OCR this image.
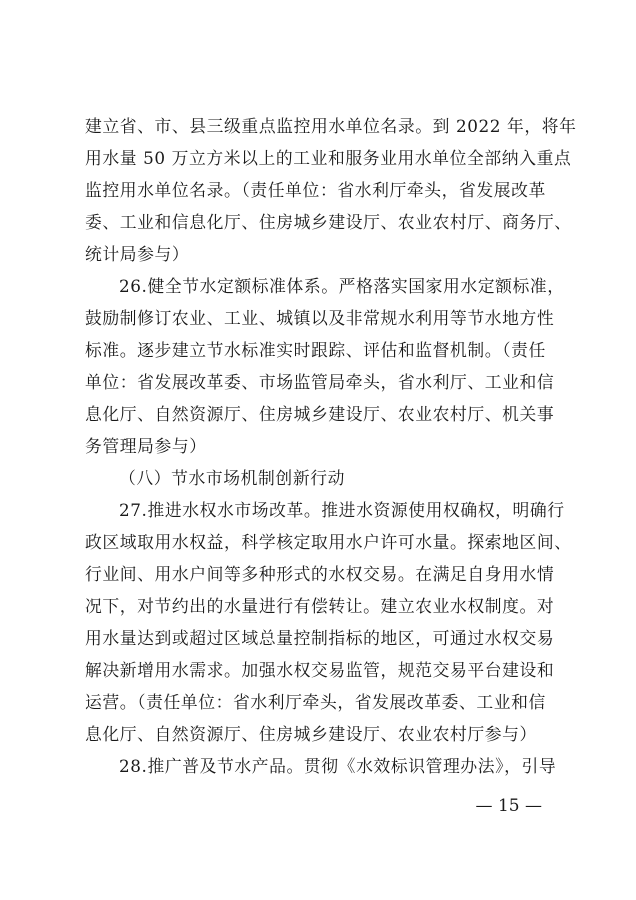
建立省、市、县三级重点监控用水单位名录。到 2022 年，将年
用水量 50 万立方米以上的工业和服务业用水单位全部纳入重点
监控用水单位名录。（责任单位：省水利厅牵头，省发展改革
委、工业和信息化厅、住房城乡建设厅、农业农村厅、商务厅、
统计局参与）
26.健全节水定额标准体系。严格落实国家用水定额标准，
鼓励制修订农业、工业、城镇以及非常规水利用等节水地方性
标准。逐步建立节水标准实时跟踪、评估和监督机制。（责任
单位：省发展改革委、市场监管局牵头，省水利厅、工业和信
息化厅、自然资源厅、住房城乡建设厅、农业农村厅、机关事
务管理局参与）
（八）节水市场机制创新行动
27.推进水权水市场改革。推进水资源使用权确权，明确行
政区域取用水权益，科学核定取用水户许可水量。探索地区间、
行业间、用水户间等多种形式的水权交易。在满足自身用水情
况下，对节约出的水量进行有偿转让。建立农业水权制度。对
用水量达到或超过区域总量控制指标的地区，可通过水权交易
解决新增用水需求。加强水权交易监管，规范交易平台建设和
运营。（责任单位：省水利厅牵头，省发展改革委、工业和信
息化厅、自然资源厅、住房城乡建设厅、农业农村厅参与）
28.推广普及节水产品。贯彻《水效标识管理办法》，引导
— 15 —
